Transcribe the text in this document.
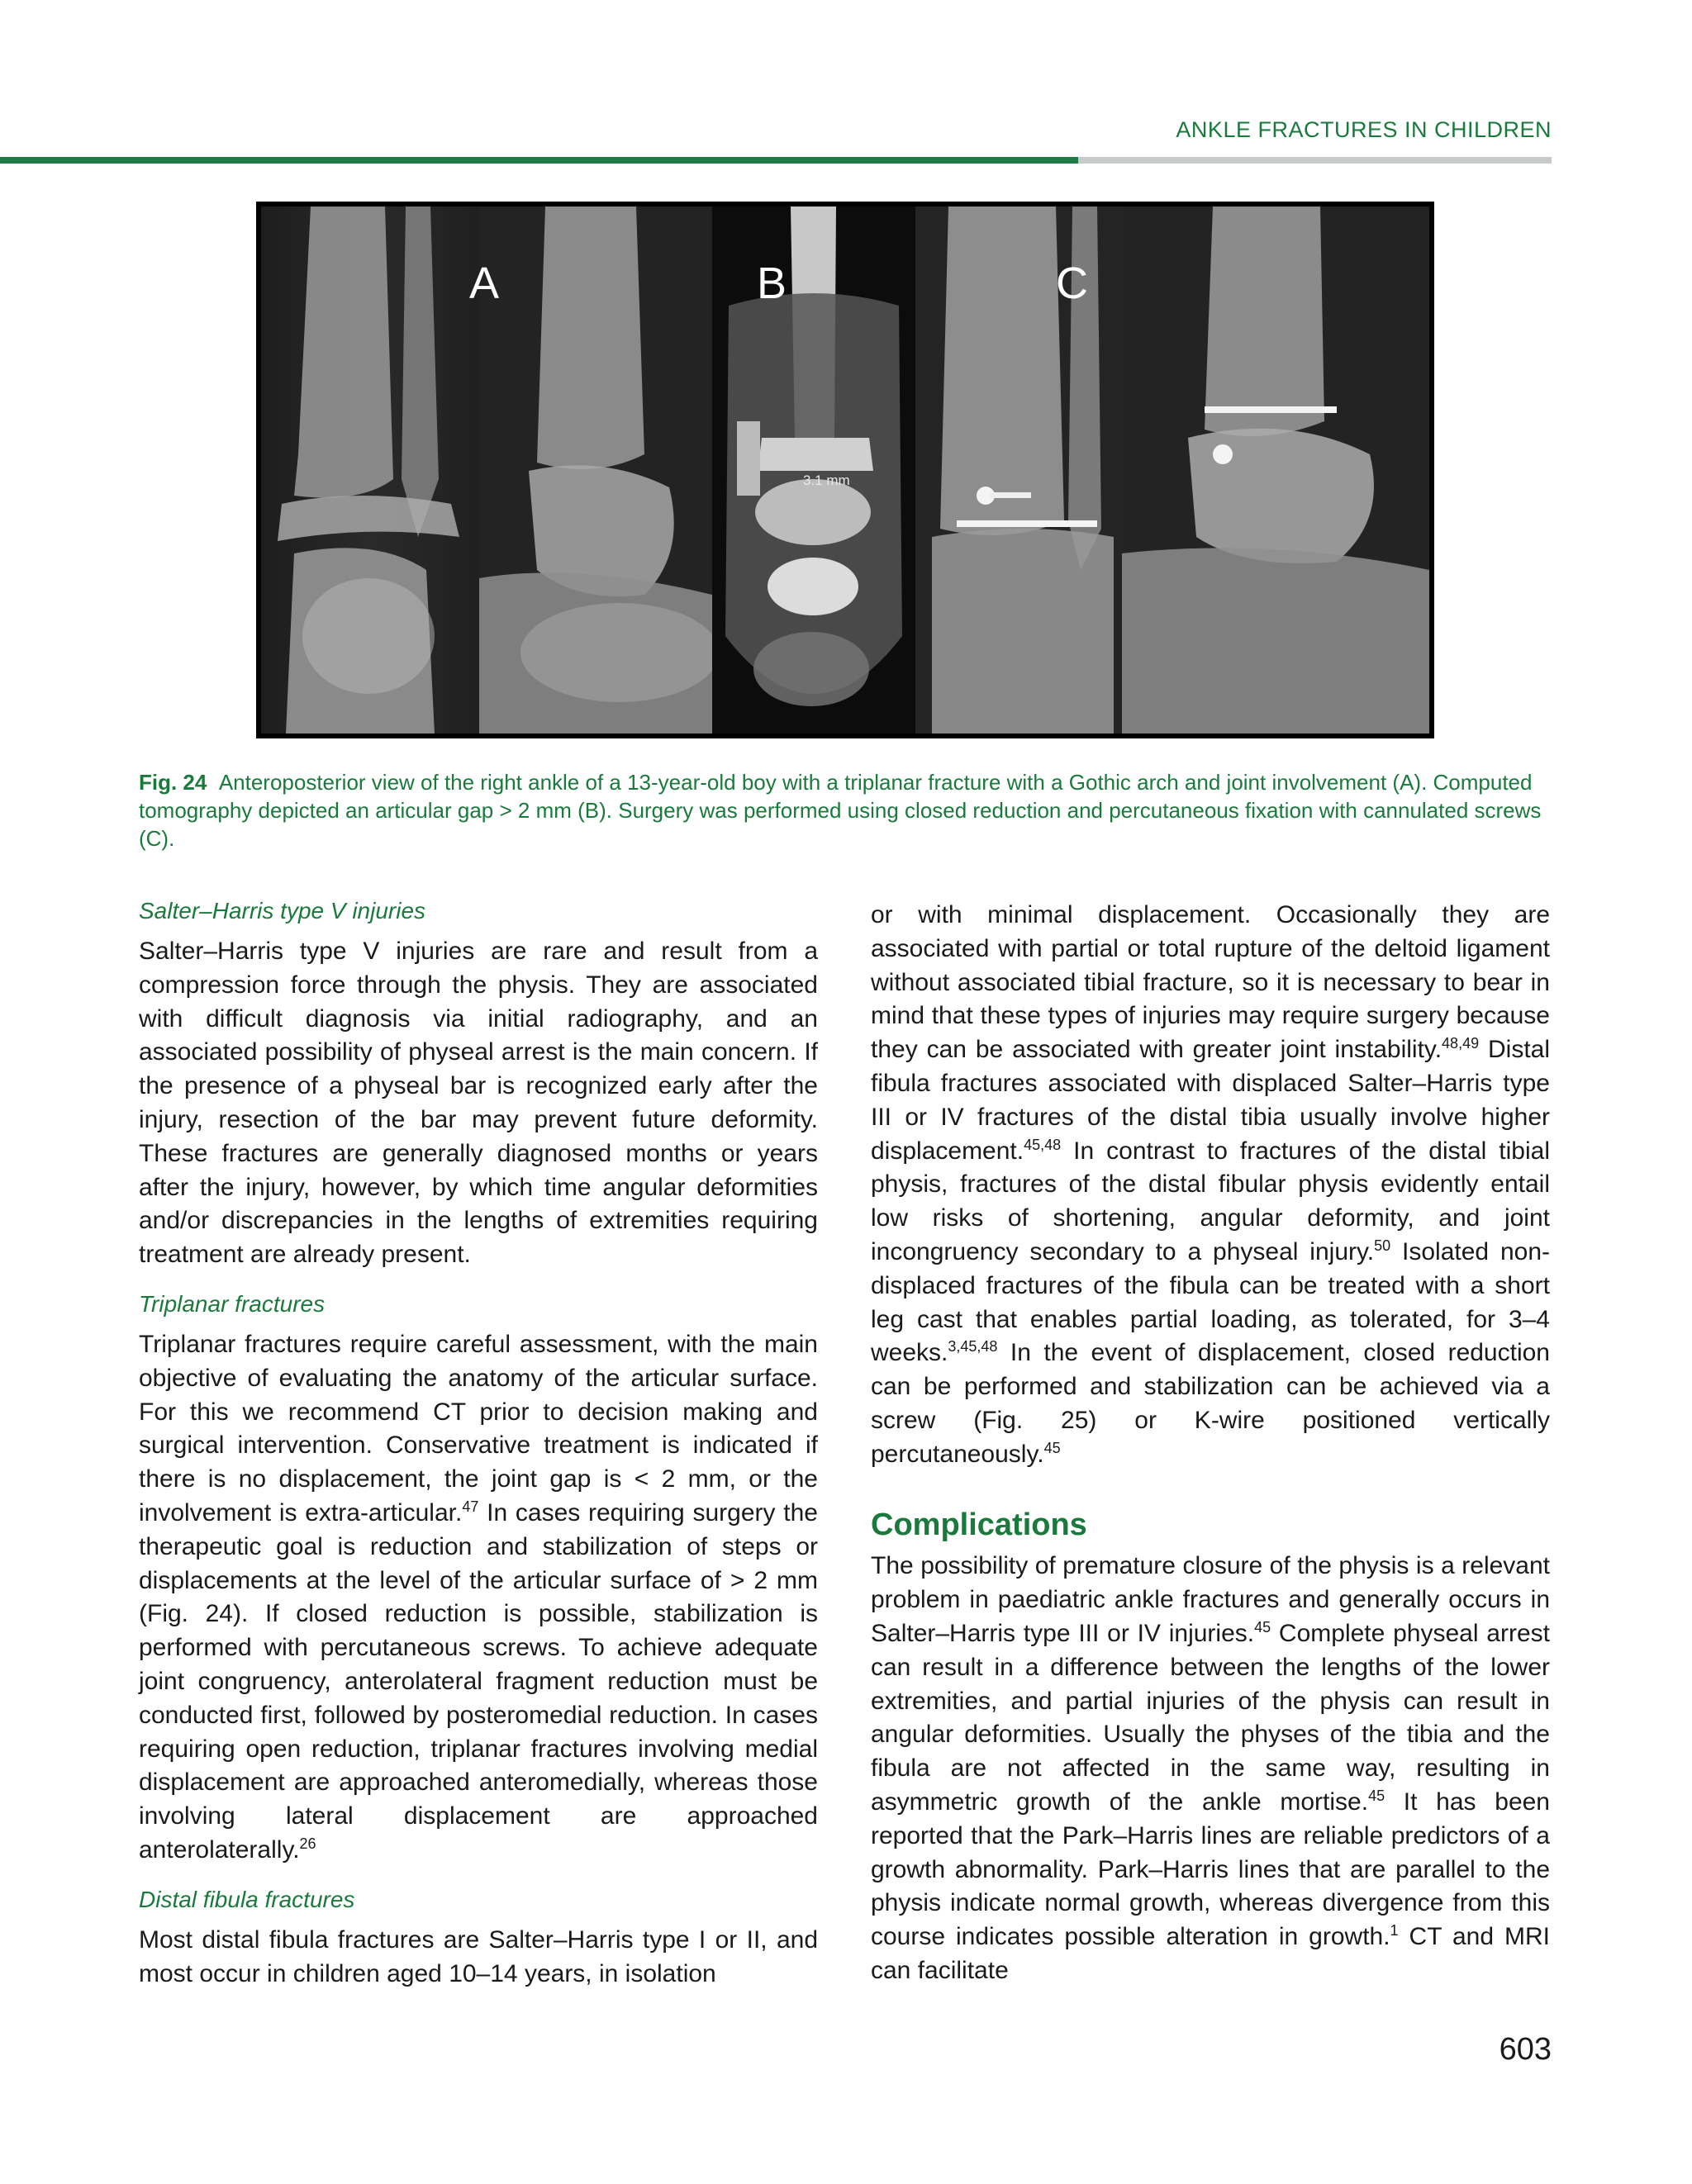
ANKLE FRACTURES IN CHILDREN
A	B
3.1 mm
C
Fig. 24 Anteroposterior view of the right ankle of a 13-year-old boy with a triplanar fracture with a Gothic arch and joint involvement (A). Computed tomography depicted an articular gap > 2 mm (B). Surgery was performed using closed reduction and percutaneous fixation with cannulated screws (C).

Salter–Harris type V injuries

Salter–Harris type V injuries are rare and result from a compression force through the physis. They are associated with difficult diagnosis via initial radiography, and an associated possibility of physeal arrest is the main concern. If the presence of a physeal bar is recognized early after the injury, resection of the bar may prevent future deformity. These fractures are generally diagnosed months or years after the injury, however, by which time angular deformities and/or discrepancies in the lengths of extremities requiring treatment are already present.

Triplanar fractures

Triplanar fractures require careful assessment, with the main objective of evaluating the anatomy of the articular surface. For this we recommend CT prior to decision making and surgical intervention. Conservative treatment is indicated if there is no displacement, the joint gap is < 2 mm, or the involvement is extra-articular.$^{47}$ In cases requiring surgery the therapeutic goal is reduction and stabilization of steps or displacements at the level of the articular surface of > 2 mm (Fig. 24). If closed reduction is possible, stabilization is performed with percutaneous screws. To achieve adequate joint congruency, anterolateral fragment reduction must be conducted first, followed by posteromedial reduction. In cases requiring open reduction, triplanar fractures involving medial displacement are approached anteromedially, whereas those involving lateral displacement are approached anterolaterally.$^{26}$

Distal fibula fractures

Most distal fibula fractures are Salter–Harris type I or II, and most occur in children aged 10–14 years, in isolation

or with minimal displacement. Occasionally they are associated with partial or total rupture of the deltoid ligament without associated tibial fracture, so it is necessary to bear in mind that these types of injuries may require surgery because they can be associated with greater joint instability.$^{48,49}$ Distal fibula fractures associated with displaced Salter–Harris type III or IV fractures of the distal tibia usually involve higher displacement.$^{45,48}$ In contrast to fractures of the distal tibial physis, fractures of the distal fibular physis evidently entail low risks of shortening, angular deformity, and joint incongruency secondary to a physeal injury.$^{50}$ Isolated non-displaced fractures of the fibula can be treated with a short leg cast that enables partial loading, as tolerated, for 3–4 weeks.$^{3,45,48}$ In the event of displacement, closed reduction can be performed and stabilization can be achieved via a screw (Fig. 25) or K-wire positioned vertically percutaneously.$^{45}$

Complications

The possibility of premature closure of the physis is a relevant problem in paediatric ankle fractures and generally occurs in Salter–Harris type III or IV injuries.$^{45}$ Complete physeal arrest can result in a difference between the lengths of the lower extremities, and partial injuries of the physis can result in angular deformities. Usually the physes of the tibia and the fibula are not affected in the same way, resulting in asymmetric growth of the ankle mortise.$^{45}$ It has been reported that the Park–Harris lines are reliable predictors of a growth abnormality. Park–Harris lines that are parallel to the physis indicate normal growth, whereas divergence from this course indicates possible alteration in growth.$^1$ CT and MRI can facilitate

603
